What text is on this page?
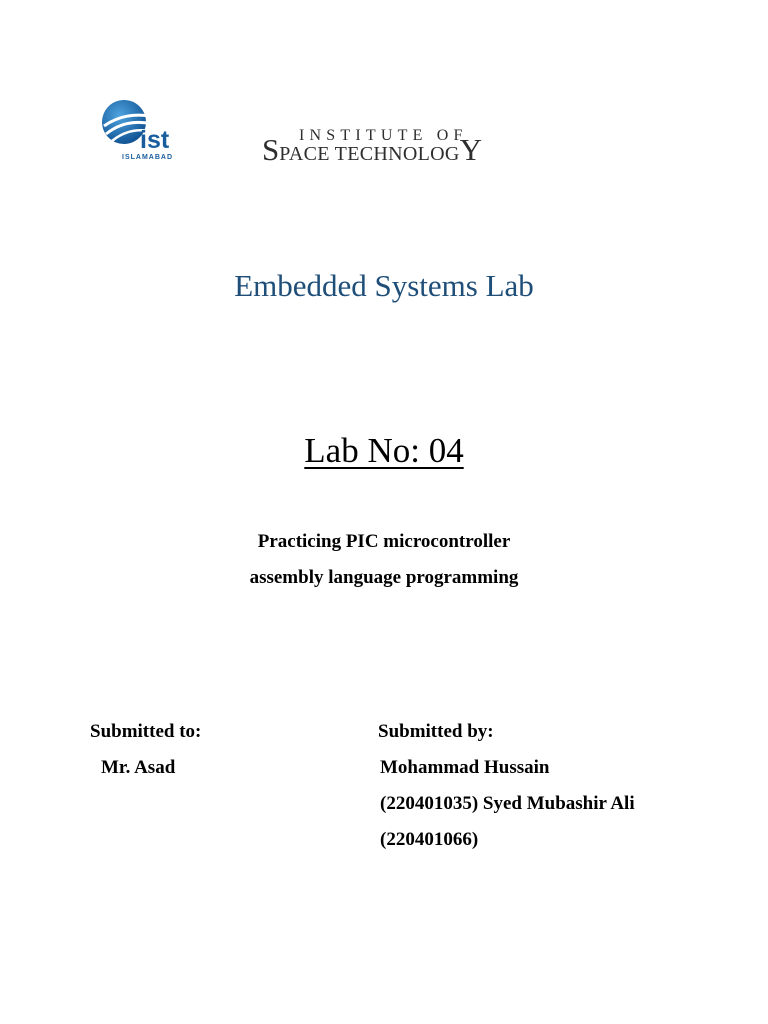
ist
ISLAMABAD
INSTITUTE OF
SPACE TECHNOLOGY
Embedded Systems Lab
Lab No: 04
Practicing PIC microcontroller
assembly language programming
Submitted to:
Mr. Asad
Submitted by:
Mohammad Hussain
(220401035) Syed Mubashir Ali
(220401066)
